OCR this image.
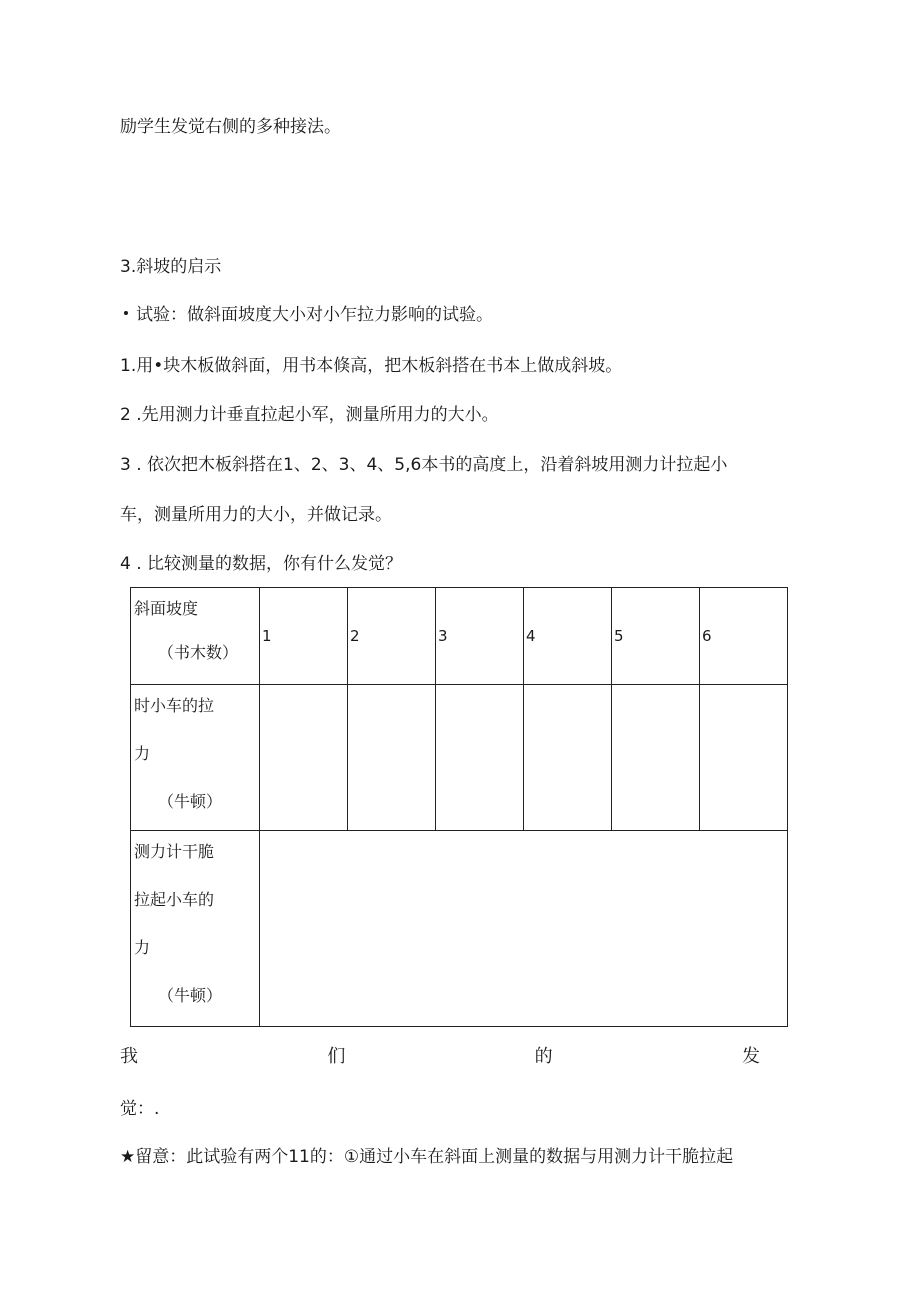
励学生发觉右侧的多种接法。
3.斜坡的启示
试验：做斜面坡度大小对小乍拉力影响的试验。
1.用•块木板做斜面，用书本倏高，把木板斜搭在书本上做成斜坡。
2 .先用测力计垂直拉起小军，测量所用力的大小。
3 . 依次把木板斜搭在1、2、3、4、5,6本书的高度上，沿着斜坡用测力计拉起小
车，测量所用力的大小，并做记录。
4 . 比较测量的数据，你有什么发觉？
斜面坡度
（书木数）	1	2	3	4	5	6

时小车的拉
力
（牛顿）						

测力计干脆
拉起小车的
力
（牛顿）						

我	们	的	发
觉：.
★留意：此试验有两个11的：①通过小车在斜面上测量的数据与用测力计干脆拉起
